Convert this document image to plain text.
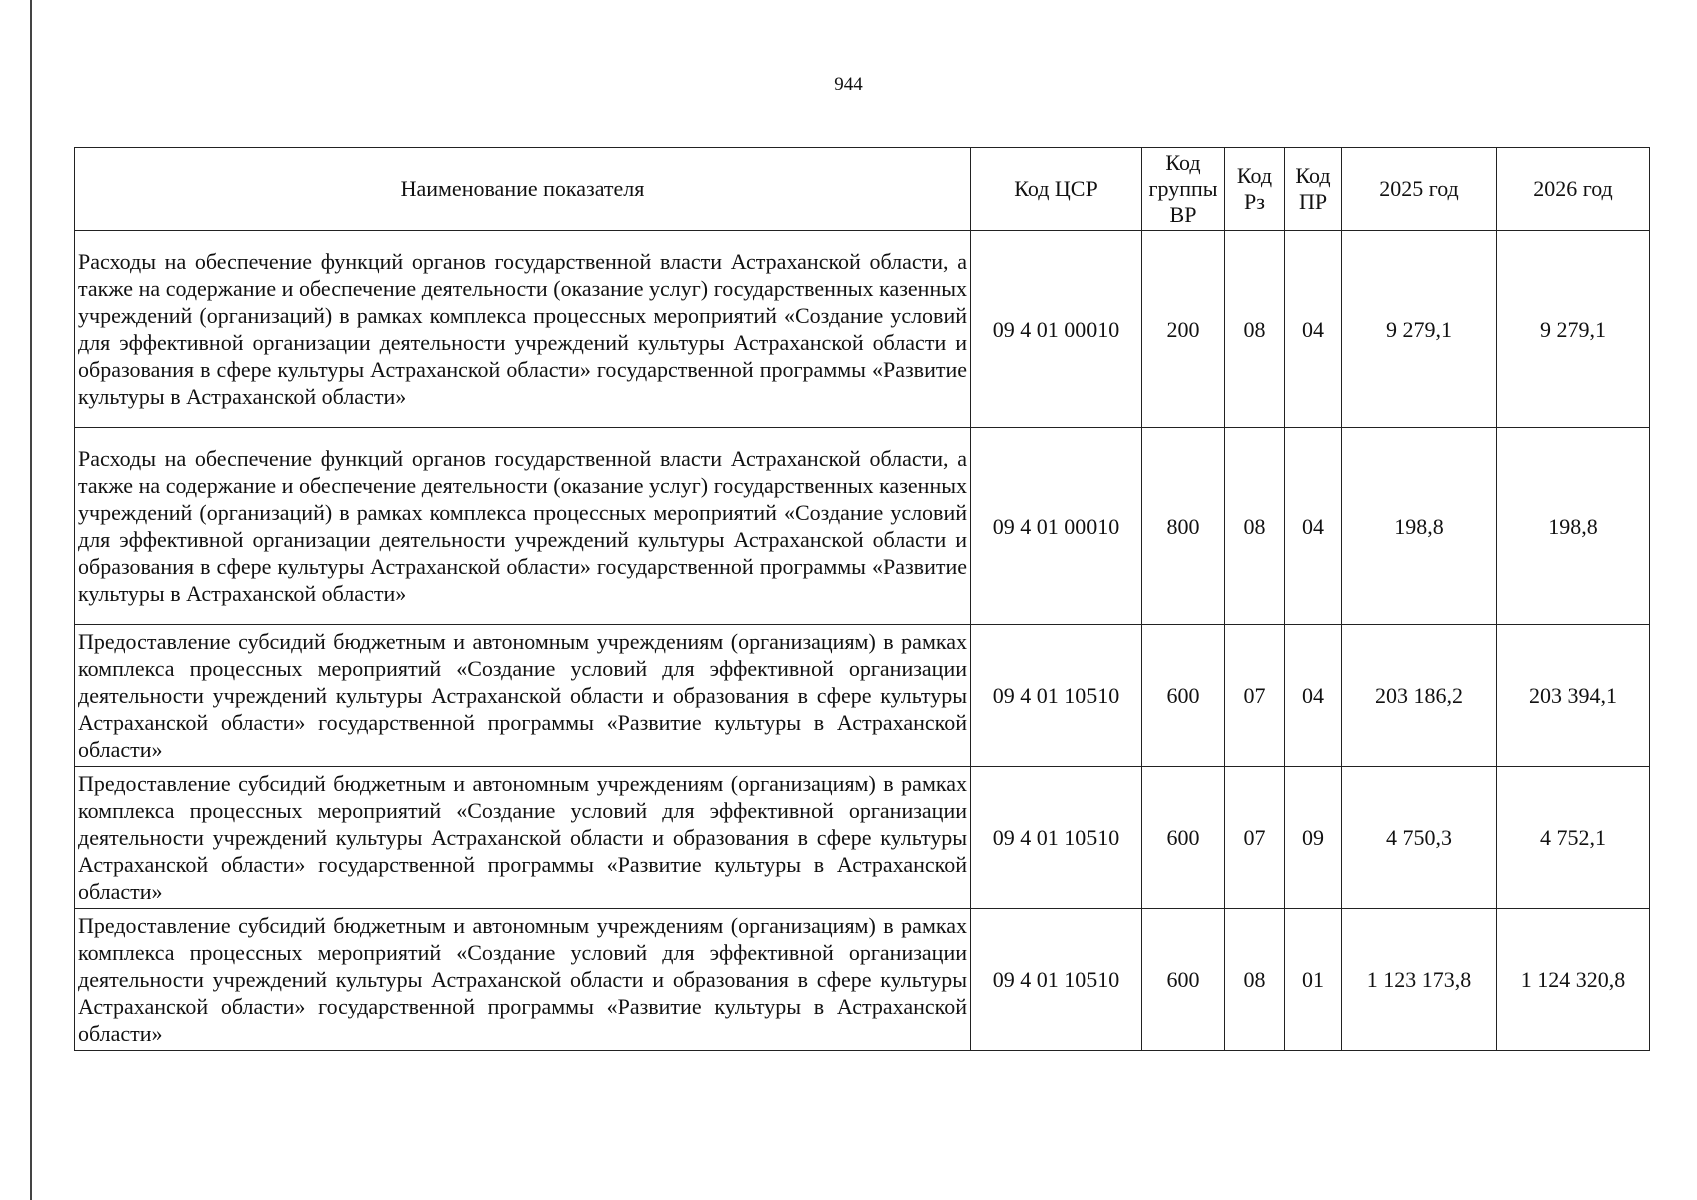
944
Наименование показателя	Код ЦСР	Код группы ВР	Код Рз	Код ПР	2025 год	2026 год
Расходы на обеспечение функций органов государственной власти Астраханской области, а также на содержание и обеспечение деятельности (оказание услуг) государственных казенных учреждений (организаций) в рамках комплекса процессных мероприятий «Создание условий для эффективной организации деятельности учреждений культуры Астраханской области и образования в сфере культуры Астраханской области» государственной программы «Развитие культуры в Астраханской области»	09 4 01 00010	200	08	04	9 279,1	9 279,1
Расходы на обеспечение функций органов государственной власти Астраханской области, а также на содержание и обеспечение деятельности (оказание услуг) государственных казенных учреждений (организаций) в рамках комплекса процессных мероприятий «Создание условий для эффективной организации деятельности учреждений культуры Астраханской области и образования в сфере культуры Астраханской области» государственной программы «Развитие культуры в Астраханской области»	09 4 01 00010	800	08	04	198,8	198,8
Предоставление субсидий бюджетным и автономным учреждениям (организациям) в рамках комплекса процессных мероприятий «Создание условий для эффективной организации деятельности учреждений культуры Астраханской области и образования в сфере культуры Астраханской области» государственной программы «Развитие культуры в Астраханской области»	09 4 01 10510	600	07	04	203 186,2	203 394,1
Предоставление субсидий бюджетным и автономным учреждениям (организациям) в рамках комплекса процессных мероприятий «Создание условий для эффективной организации деятельности учреждений культуры Астраханской области и образования в сфере культуры Астраханской области» государственной программы «Развитие культуры в Астраханской области»	09 4 01 10510	600	07	09	4 750,3	4 752,1
Предоставление субсидий бюджетным и автономным учреждениям (организациям) в рамках комплекса процессных мероприятий «Создание условий для эффективной организации деятельности учреждений культуры Астраханской области и образования в сфере культуры Астраханской области» государственной программы «Развитие культуры в Астраханской области»	09 4 01 10510	600	08	01	1 123 173,8	1 124 320,8
